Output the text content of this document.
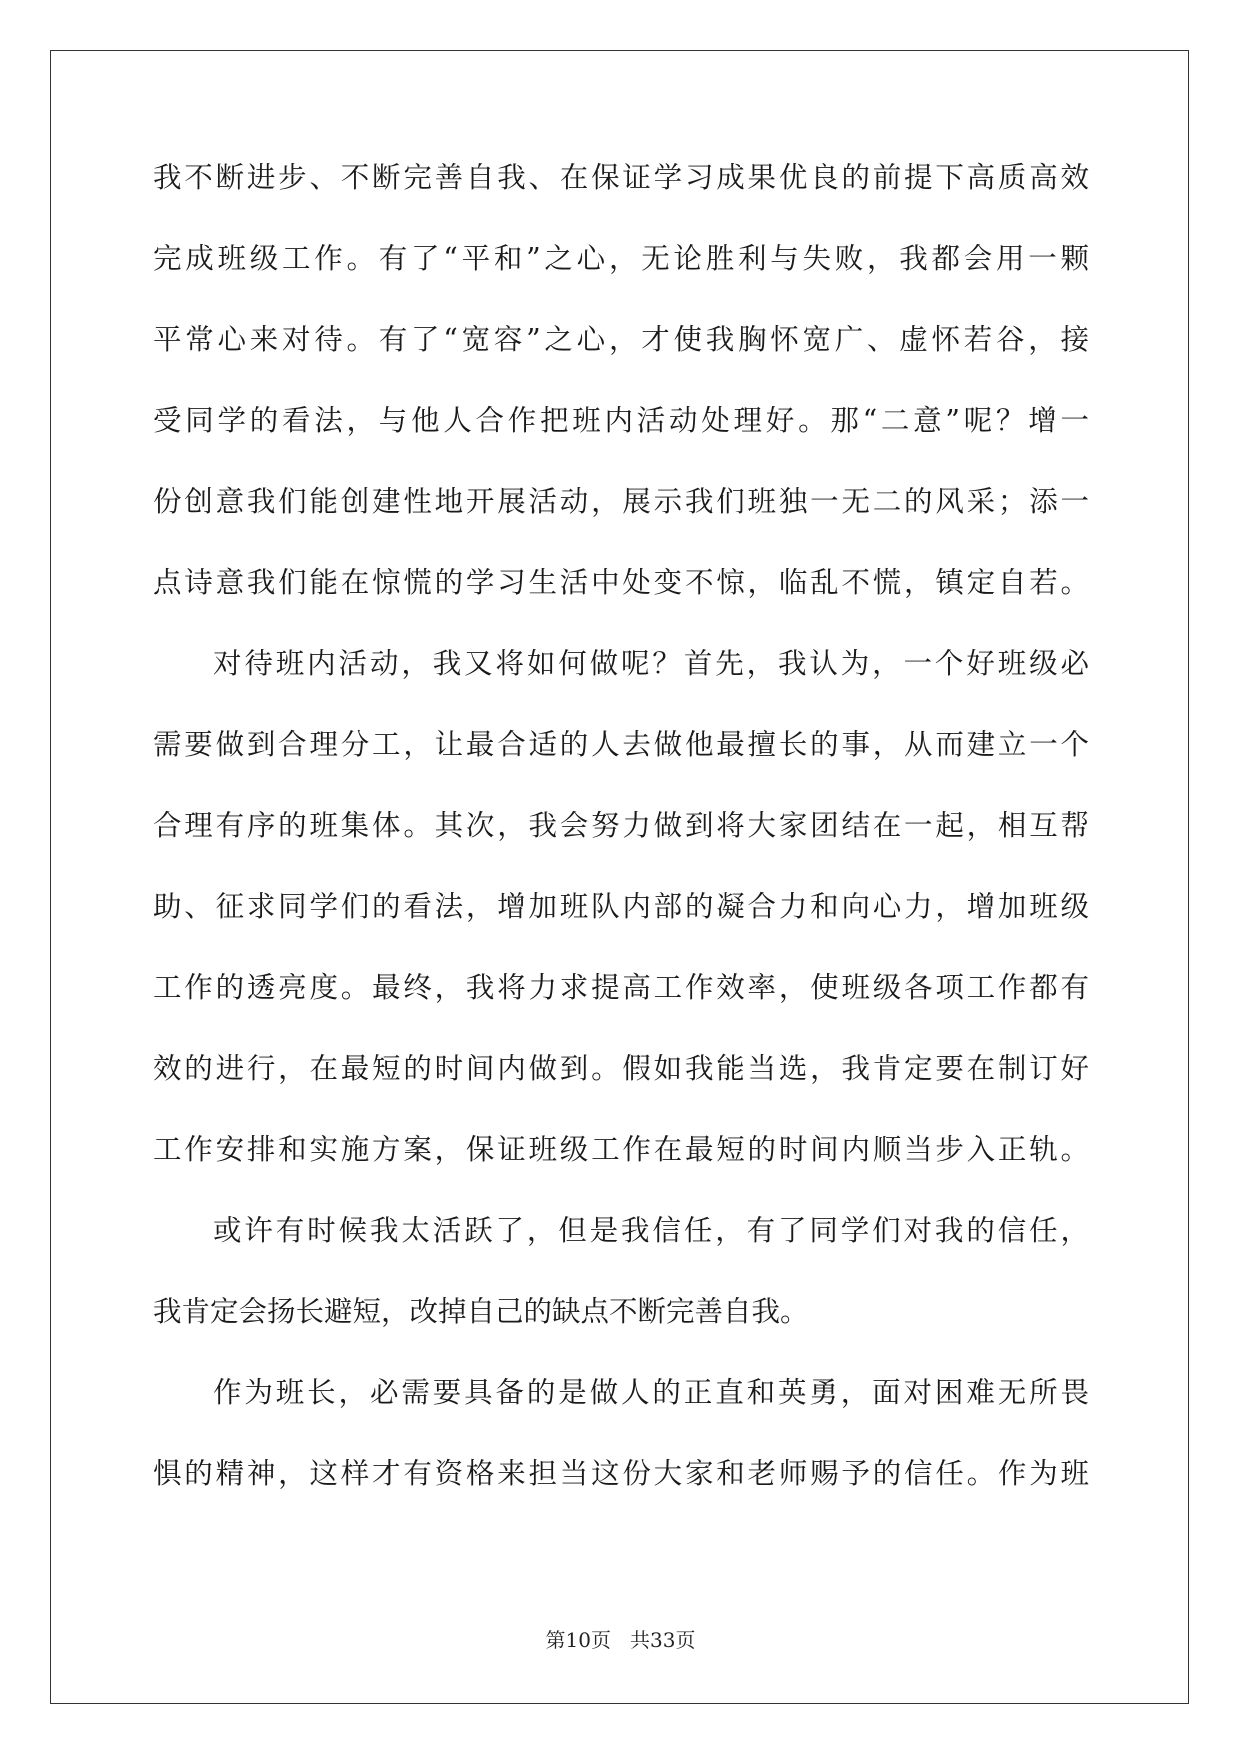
我不断进步、不断完善自我、在保证学习成果优良的前提下高质高效
完成班级工作。有了“平和”之心，无论胜利与失败，我都会用一颗
平常心来对待。有了“宽容”之心，才使我胸怀宽广、虚怀若谷，接
受同学的看法，与他人合作把班内活动处理好。那“二意”呢？增一
份创意我们能创建性地开展活动，展示我们班独一无二的风采；添一
点诗意我们能在惊慌的学习生活中处变不惊，临乱不慌，镇定自若。
对待班内活动，我又将如何做呢？首先，我认为，一个好班级必
需要做到合理分工，让最合适的人去做他最擅长的事，从而建立一个
合理有序的班集体。其次，我会努力做到将大家团结在一起，相互帮
助、征求同学们的看法，增加班队内部的凝合力和向心力，增加班级
工作的透亮度。最终，我将力求提高工作效率，使班级各项工作都有
效的进行，在最短的时间内做到。假如我能当选，我肯定要在制订好
工作安排和实施方案，保证班级工作在最短的时间内顺当步入正轨。
或许有时候我太活跃了，但是我信任，有了同学们对我的信任，
我肯定会扬长避短，改掉自己的缺点不断完善自我。
作为班长，必需要具备的是做人的正直和英勇，面对困难无所畏
惧的精神，这样才有资格来担当这份大家和老师赐予的信任。作为班
第10页   共33页
